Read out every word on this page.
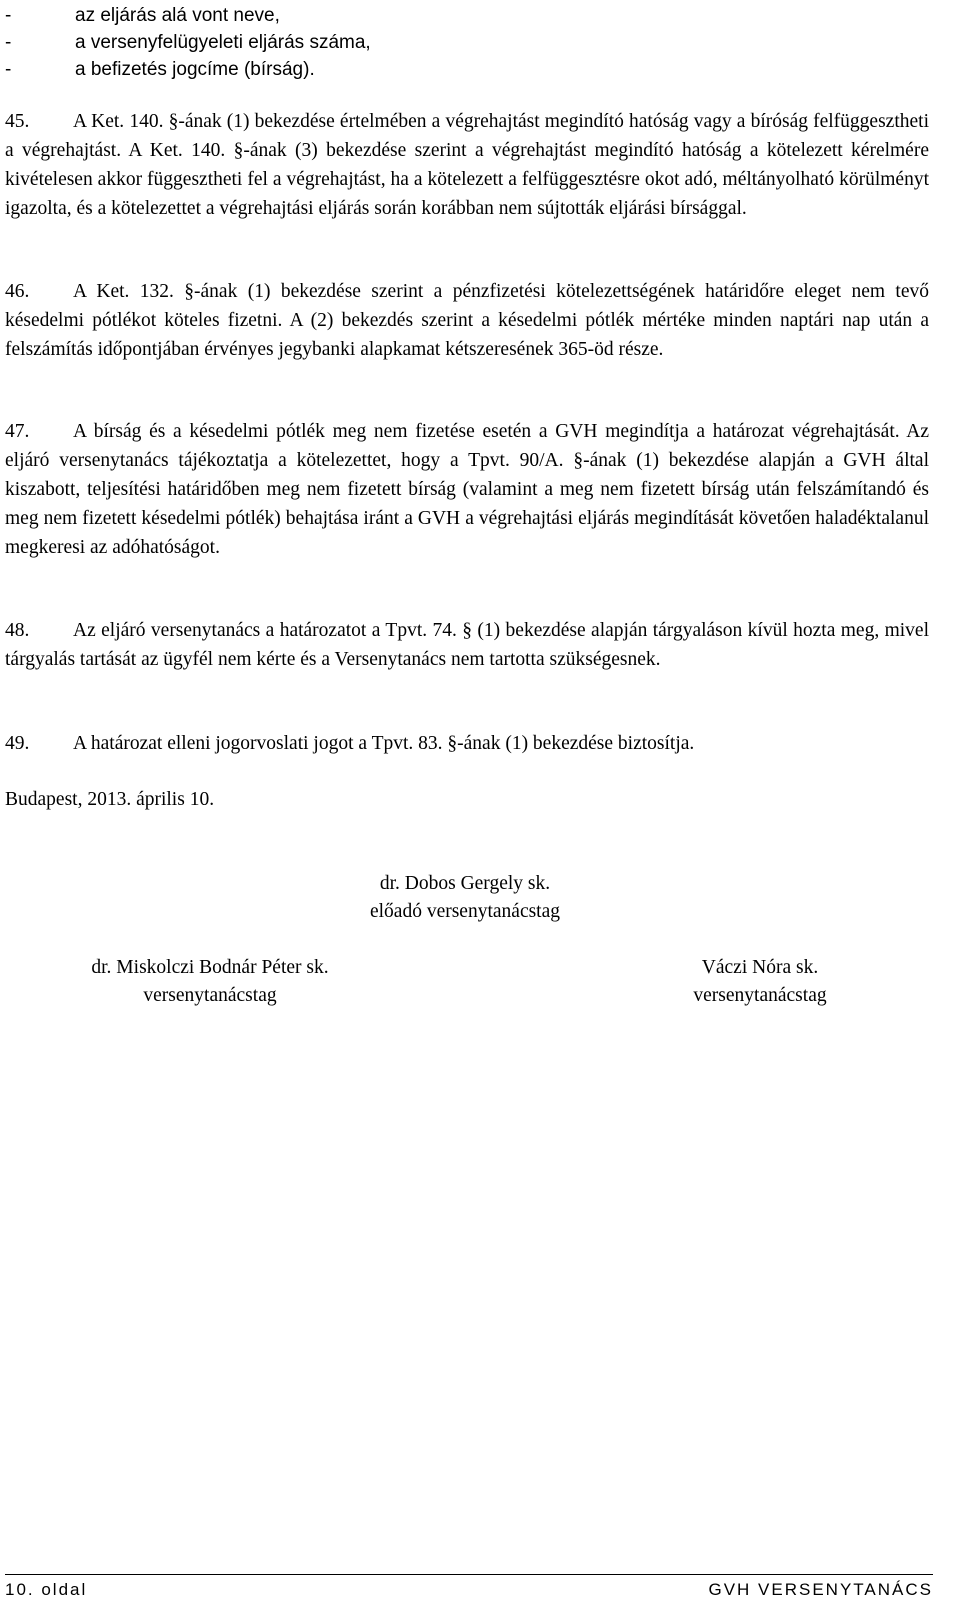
-	az eljárás alá vont neve,
-	a versenyfelügyeleti eljárás száma,
-	a befizetés jogcíme (bírság).
45. A Ket. 140. §-ának (1) bekezdése értelmében a végrehajtást megindító hatóság vagy a bíróság felfüggesztheti a végrehajtást. A Ket. 140. §-ának (3) bekezdése szerint a végrehajtást megindító hatóság a kötelezett kérelmére kivételesen akkor függesztheti fel a végrehajtást, ha a kötelezett a felfüggesztésre okot adó, méltányolható körülményt igazolta, és a kötelezettet a végrehajtási eljárás során korábban nem sújtották eljárási bírsággal.
46. A Ket. 132. §-ának (1) bekezdése szerint a pénzfizetési kötelezettségének határidőre eleget nem tevő késedelmi pótlékot köteles fizetni. A (2) bekezdés szerint a késedelmi pótlék mértéke minden naptári nap után a felszámítás időpontjában érvényes jegybanki alapkamat kétszeresének 365-öd része.
47. A bírság és a késedelmi pótlék meg nem fizetése esetén a GVH megindítja a határozat végrehajtását. Az eljáró versenytanács tájékoztatja a kötelezettet, hogy a Tpvt. 90/A. §-ának (1) bekezdése alapján a GVH által kiszabott, teljesítési határidőben meg nem fizetett bírság (valamint a meg nem fizetett bírság után felszámítandó és meg nem fizetett késedelmi pótlék) behajtása iránt a GVH a végrehajtási eljárás megindítását követően haladéktalanul megkeresi az adóhatóságot.
48. Az eljáró versenytanács a határozatot a Tpvt. 74. § (1) bekezdése alapján tárgyaláson kívül hozta meg, mivel tárgyalás tartását az ügyfél nem kérte és a Versenytanács nem tartotta szükségesnek.
49. A határozat elleni jogorvoslati jogot a Tpvt. 83. §-ának (1) bekezdése biztosítja.
Budapest, 2013. április 10.
dr. Dobos Gergely sk.
előadó versenytanácstag
dr. Miskolczi Bodnár Péter sk.
versenytanácstag
Váczi Nóra sk.
versenytanácstag
10. oldal	GVH VERSENYTANÁCS
